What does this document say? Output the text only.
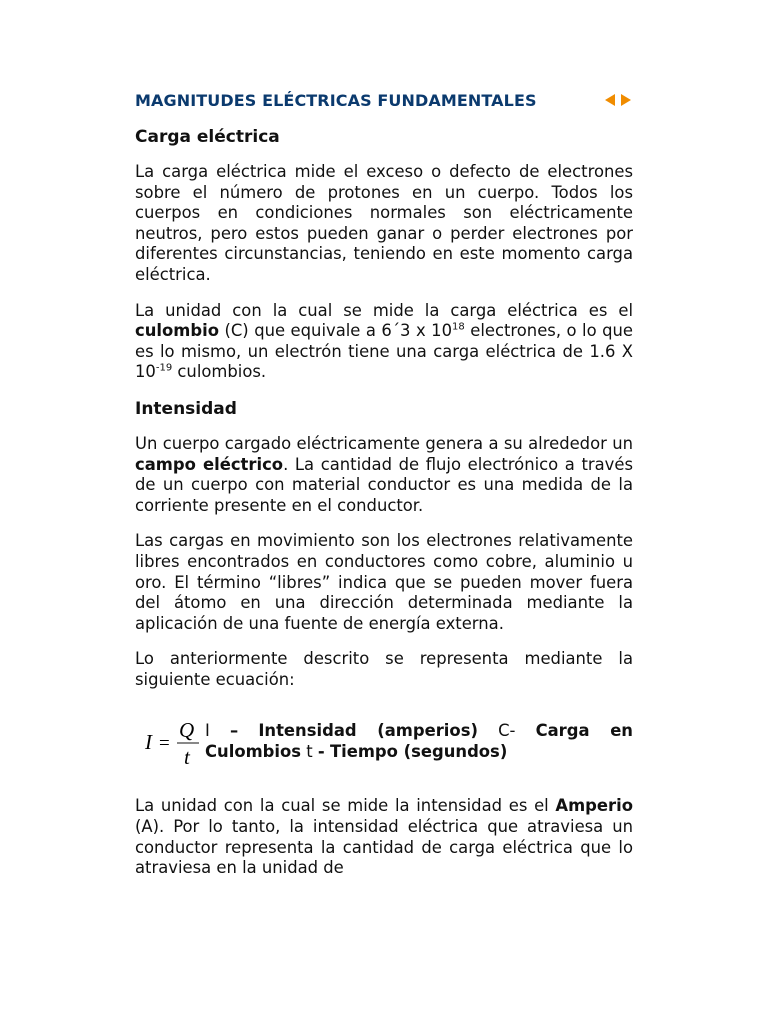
MAGNITUDES ELÉCTRICAS FUNDAMENTALES
Carga eléctrica

La carga eléctrica mide el exceso o defecto de electrones sobre el número de protones en un cuerpo. Todos los cuerpos en condiciones normales son eléctricamente neutros, pero estos pueden ganar o perder electrones por diferentes circunstancias, teniendo en este momento carga eléctrica.

La unidad con la cual se mide la carga eléctrica es el culombio (C) que equivale a 6´3 x $10^{18}$ electrones, o lo que es lo mismo, un electrón tiene una carga eléctrica de 1.6 X $10^{-19}$ culombios.

Intensidad

Un cuerpo cargado eléctricamente genera a su alrededor un campo eléctrico. La cantidad de flujo electrónico a través de un cuerpo con material conductor es una medida de la corriente presente en el conductor.

Las cargas en movimiento son los electrones relativamente libres encontrados en conductores como cobre, aluminio u oro. El término “libres” indica que se pueden mover fuera del átomo en una dirección determinada mediante la aplicación de una fuente de energía externa.

Lo anteriormente descrito se representa mediante la siguiente ecuación:

I =
Q
t
I – Intensidad (amperios) C- Carga en Culombios t - Tiempo (segundos)

La unidad con la cual se mide la intensidad es el Amperio (A). Por lo tanto, la intensidad eléctrica que atraviesa un conductor representa la cantidad de carga eléctrica que lo atraviesa en la unidad de
